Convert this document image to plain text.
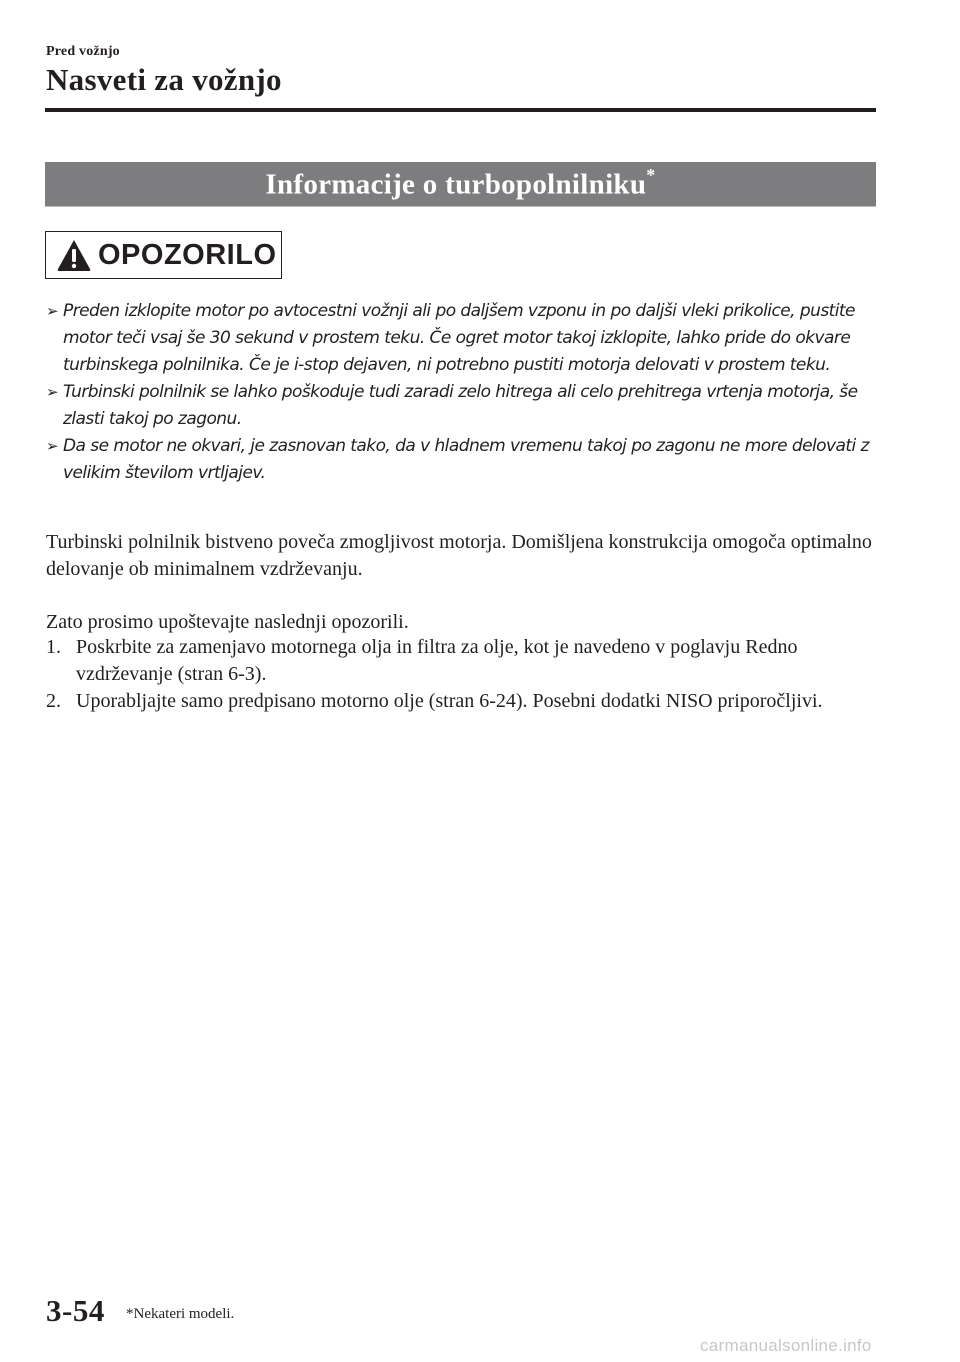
Pred vožnjo
Nasveti za vožnjo
Informacije o turbopolnilniku*
OPOZORILO
➢ Preden izklopite motor po avtocestni vožnji ali po daljšem vzponu in po daljši vleki prikolice, pustite motor teči vsaj še 30 sekund v prostem teku. Če ogret motor takoj izklopite, lahko pride do okvare turbinskega polnilnika. Če je i-stop dejaven, ni potrebno pustiti motorja delovati v prostem teku.
➢ Turbinski polnilnik se lahko poškoduje tudi zaradi zelo hitrega ali celo prehitrega vrtenja motorja, še zlasti takoj po zagonu.
➢ Da se motor ne okvari, je zasnovan tako, da v hladnem vremenu takoj po zagonu ne more delovati z velikim številom vrtljajev.

Turbinski polnilnik bistveno poveča zmogljivost motorja. Domišljena konstrukcija omogoča optimalno delovanje ob minimalnem vzdrževanju.

Zato prosimo upoštevajte naslednji opozorili.

1. Poskrbite za zamenjavo motornega olja in filtra za olje, kot je navedeno v poglavju Redno vzdrževanje (stran 6-3).
2. Uporabljajte samo predpisano motorno olje (stran 6-24). Posebni dodatki NISO priporočljivi.
3-54 *Nekateri modeli.
carmanualsonline.info
